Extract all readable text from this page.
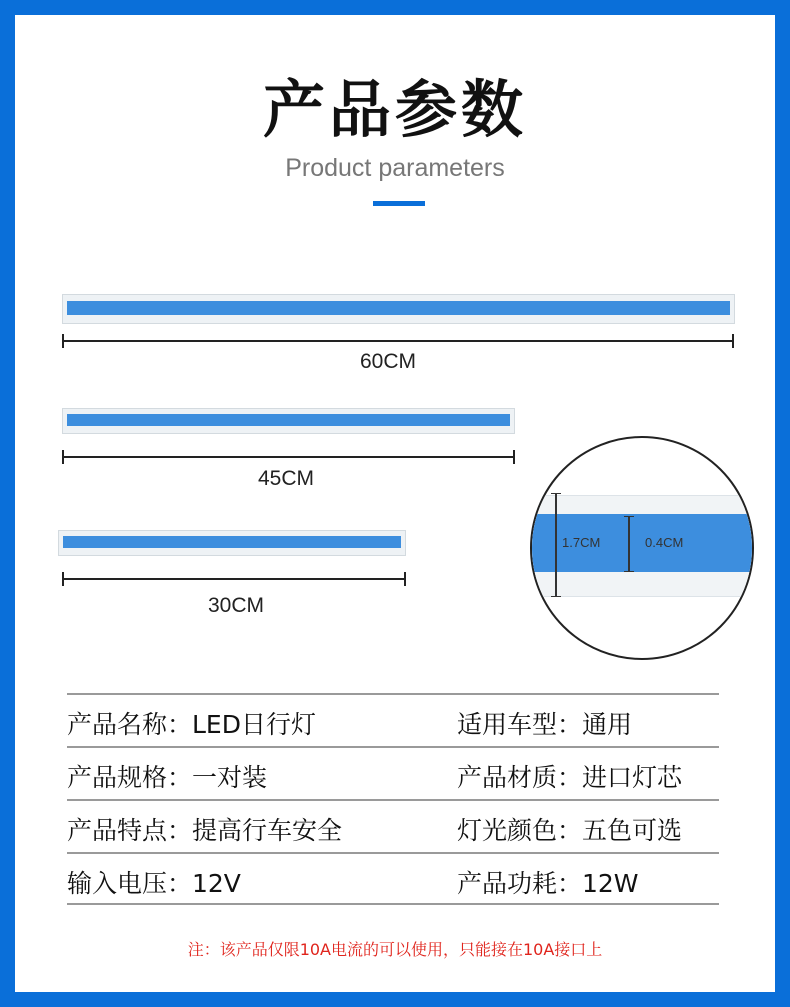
产品参数
Product parameters
60CM
45CM
30CM
1.7CM	0.4CM
产品名称：LED日行灯	适用车型：通用
产品规格：一对装	产品材质：进口灯芯
产品特点：提高行车安全	灯光颜色：五色可选
输入电压：12V	产品功耗：12W
注：该产品仅限10A电流的可以使用，只能接在10A接口上
